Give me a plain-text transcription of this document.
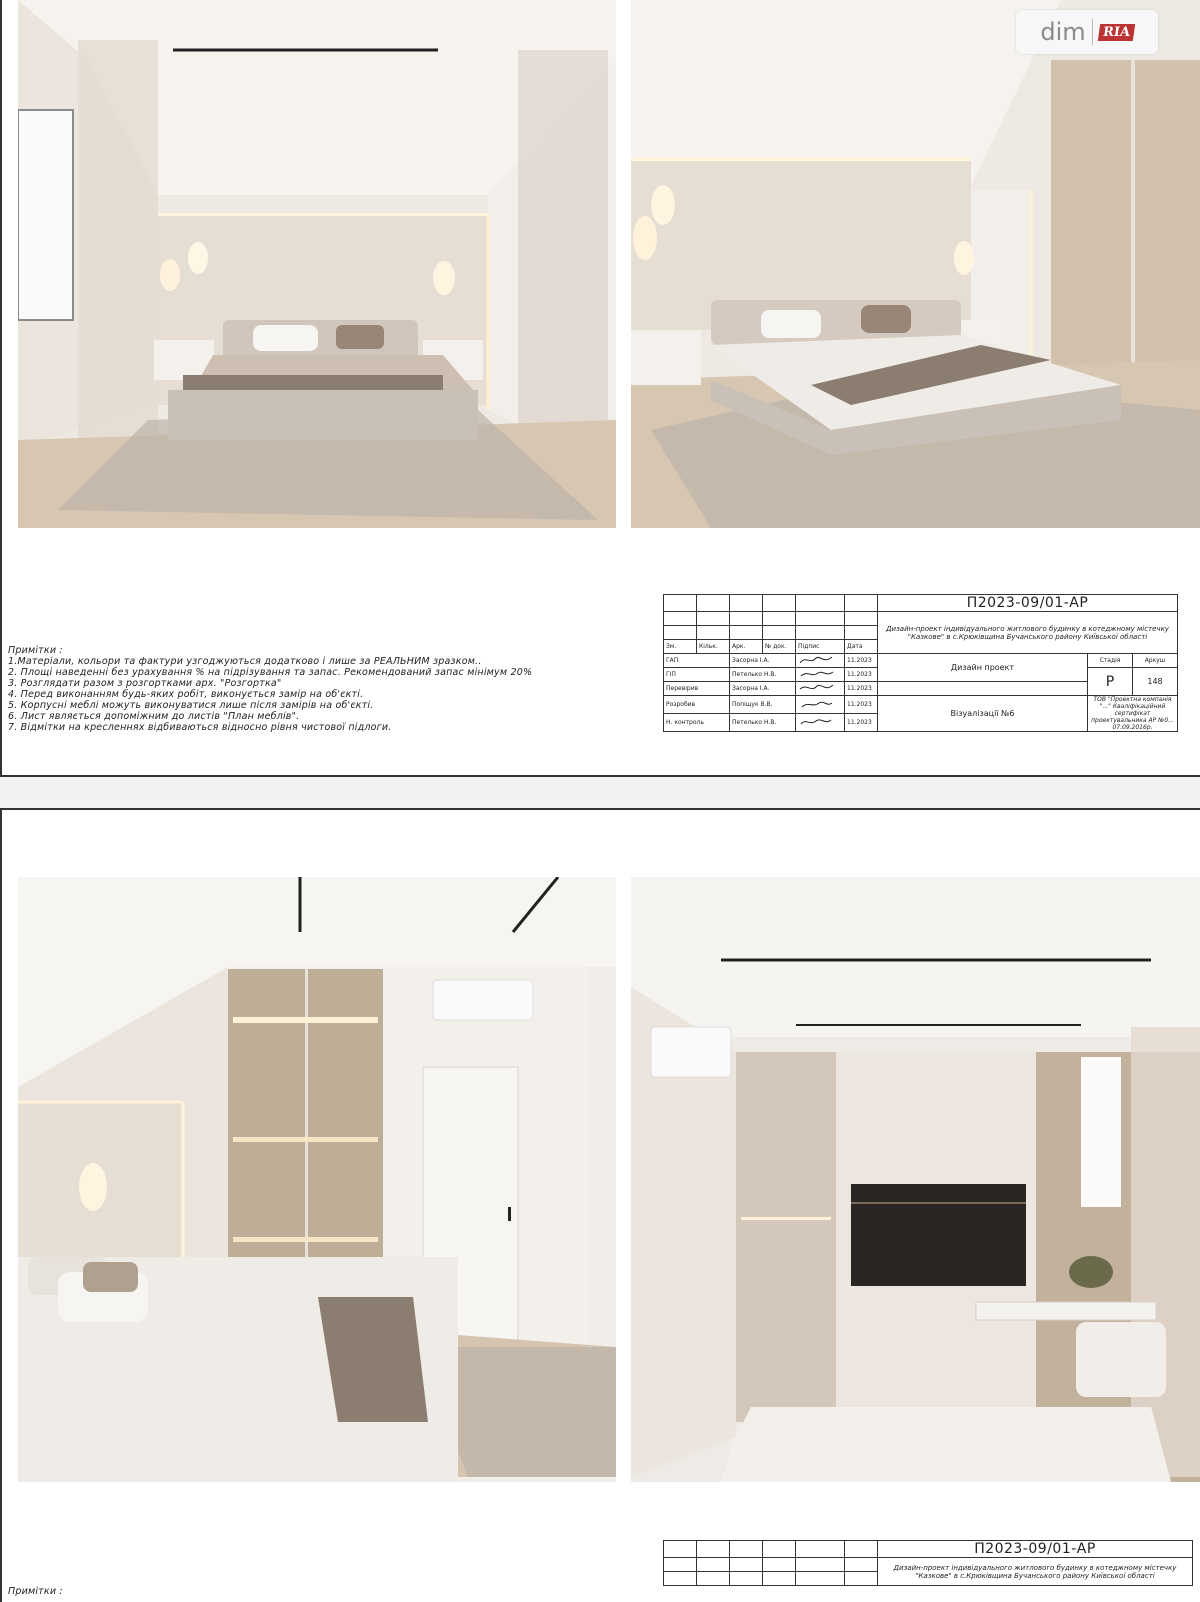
dim	RIA
Примітки :
1.Матеріали, кольори та фактури узгоджуються додатково і лише за РЕАЛЬНИМ зразком..
2. Площі наведенні без урахування % на підрізування та запас. Рекомендований запас мінімум 20%
3. Розглядати разом з розгортками арх. "Розгортка"
4. Перед виконанням будь-яких робіт, виконується замір на об'єкті.
5. Корпусні меблі можуть виконуватися лише після замірів на об'єкті.
6. Лист являється допоміжним до листів "План меблів".
7. Відмітки на кресленнях відбиваються відносно рівня чистової підлоги.
						П2023-09/01-АР		
						Дизайн-проект індивідуального житлового будинку в котеджному містечку "Казкове" в с.Крюківщина Бучанського району Київської області		

Зм.	Кільк.	Арк.	№ док.	Підпис	Дата			
ГАП		Засорна І.А.			11.2023	Дизайн проект	Стадія	Аркуш
ГІП		Петелько Н.В.			11.2023		Р	148
Перевірив		Засорна І.А.			11.2023			
Розробив		Попіщук В.В.			11.2023	Візуалізації №6	ТОВ "Проектна компанія "..." Кваліфікаційний сертифікат проектувальника АР №0...
07.09.2016р.	
Н. контроль		Петелько Н.В.			11.2023			
Примітки :
						П2023-09/01-АР
						Дизайн-проект індивідуального житлового будинку в котеджному містечку "Казкове" в с.Крюківщина Бучанського району Київської області
